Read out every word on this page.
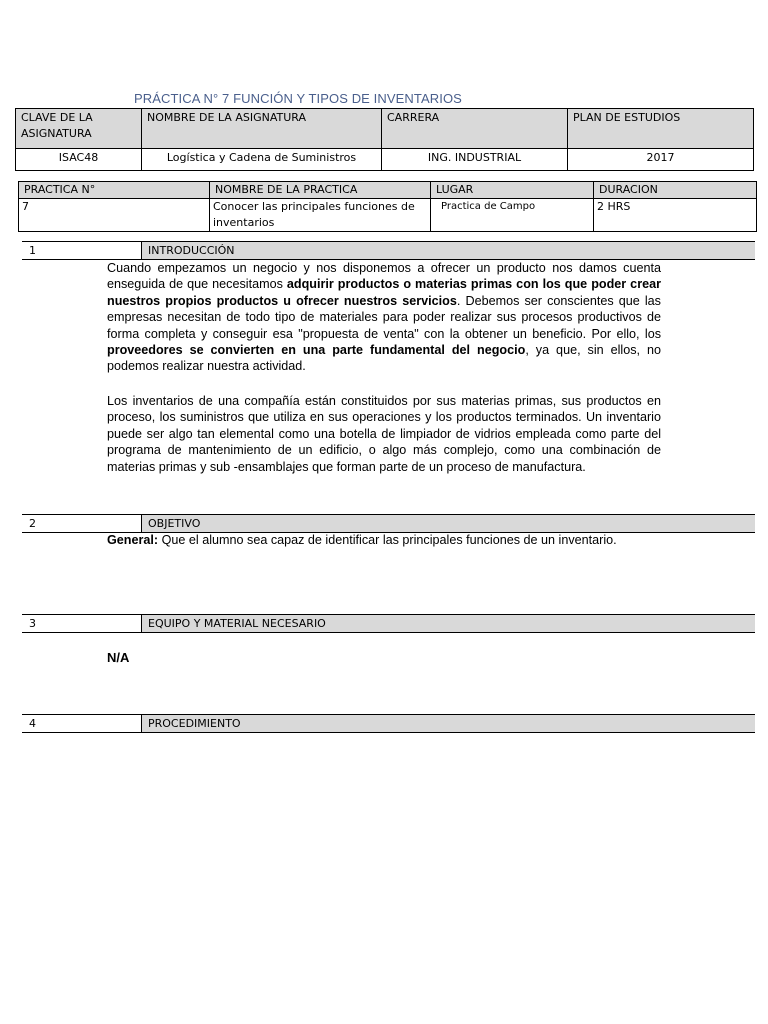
PRÁCTICA N° 7 FUNCIÓN Y TIPOS DE INVENTARIOS
CLAVE DE LA ASIGNATURA	NOMBRE DE LA ASIGNATURA	CARRERA	PLAN DE ESTUDIOS
ISAC48	Logística y Cadena de Suministros	ING. INDUSTRIAL	2017
PRACTICA N°	NOMBRE DE LA PRACTICA	LUGAR	DURACION
7	Conocer las principales funciones de inventarios	Practica de Campo	2 HRS
1	INTRODUCCIÓN
Cuando empezamos un negocio y nos disponemos a ofrecer un producto nos damos cuenta enseguida de que necesitamos adquirir productos o materias primas con los que poder crear nuestros propios productos u ofrecer nuestros servicios. Debemos ser conscientes que las empresas necesitan de todo tipo de materiales para poder realizar sus procesos productivos de forma completa y conseguir esa "propuesta de venta" con la obtener un beneficio. Por ello, los proveedores se convierten en una parte fundamental del negocio, ya que, sin ellos, no podemos realizar nuestra actividad.
Los inventarios de una compañía están constituidos por sus materias primas, sus productos en proceso, los suministros que utiliza en sus operaciones y los productos terminados. Un inventario puede ser algo tan elemental como una botella de limpiador de vidrios empleada como parte del programa de mantenimiento de un edificio, o algo más complejo, como una combinación de materias primas y sub -ensamblajes que forman parte de un proceso de manufactura.
2	OBJETIVO
General: Que el alumno sea capaz de identificar las principales funciones de un inventario.
3	EQUIPO Y MATERIAL NECESARIO
N/A
4	PROCEDIMIENTO
